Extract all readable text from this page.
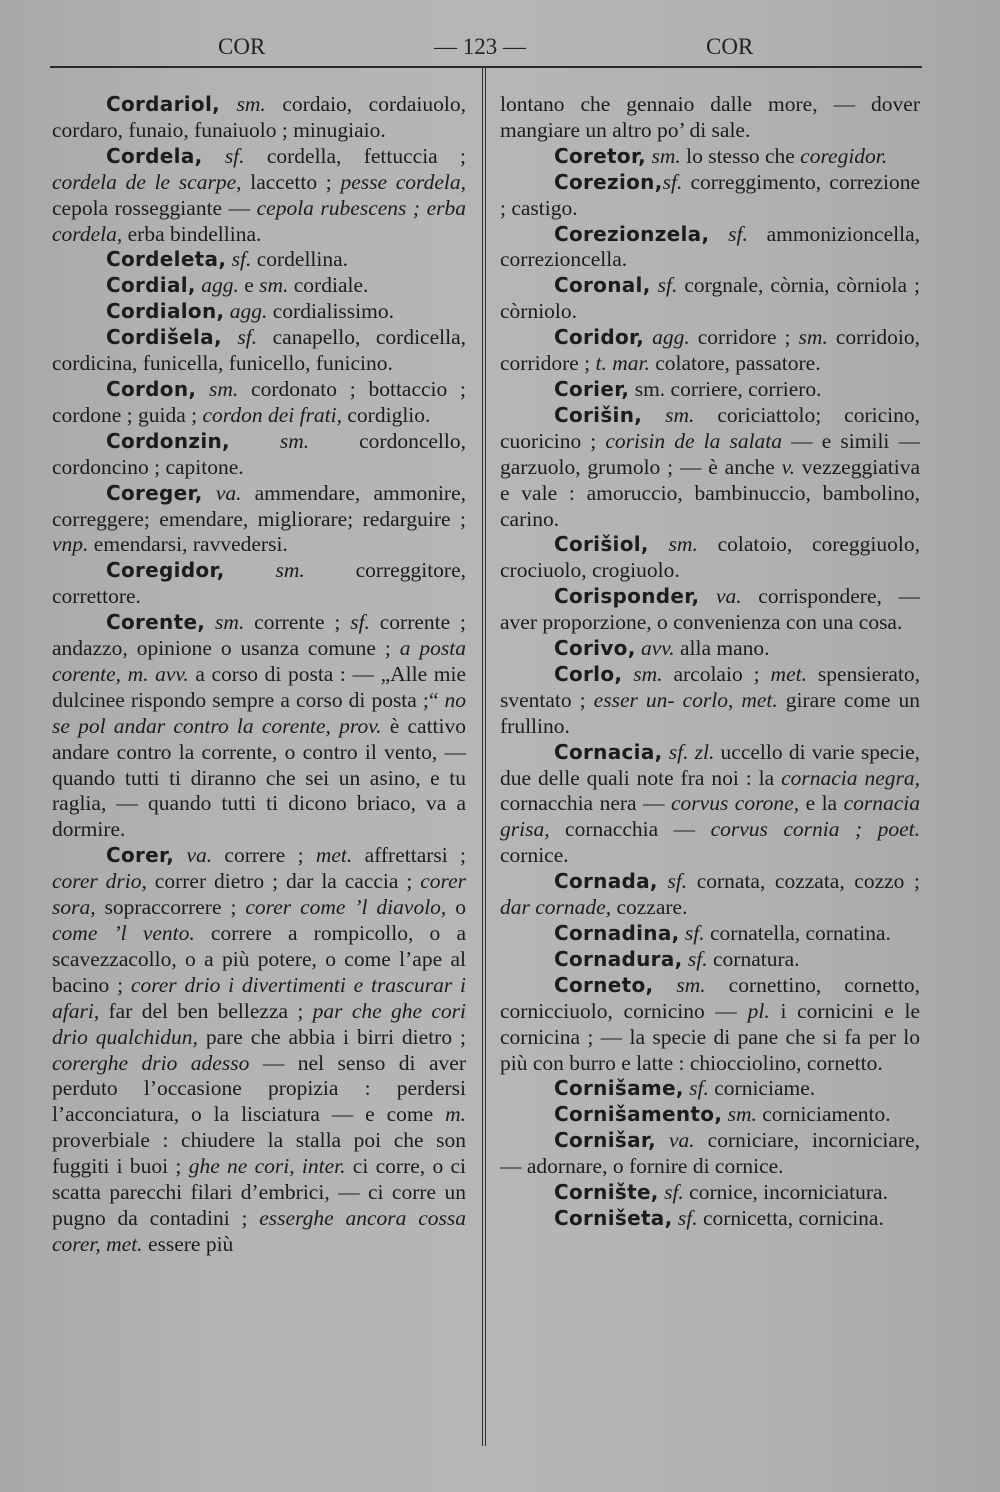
COR	— 123 —	COR

Cordariol, sm. cordaio, cordaiuolo, cordaro, funaio, funaiuolo ; minugiaio.

Cordela, sf. cordella, fettuccia ; cordela de le scarpe, laccetto ; pesse cordela, cepola rosseggiante — cepola rubescens ; erba cordela, erba bindellina.

Cordeleta, sf. cordellina.

Cordial, agg. e sm. cordiale.

Cordialon, agg. cordialissimo.

Cordišela, sf. canapello, cordicella, cordicina, funicella, funicello, funicino.

Cordon, sm. cordonato ; bottaccio ; cordone ; guida ; cordon dei frati, cordiglio.

Cordonzin, sm. cordoncello, cordoncino ; capitone.

Coreger, va. ammendare, ammonire, correggere; emendare, migliorare; redarguire ; vnp. emendarsi, ravvedersi.

Coregidor, sm. correggitore, correttore.

Corente, sm. corrente ; sf. corrente ; andazzo, opinione o usanza comune ; a posta corente, m. avv. a corso di posta : — „Alle mie dulcinee rispondo sempre a corso di posta ;“ no se pol andar contro la corente, prov. è cattivo andare contro la corrente, o contro il vento, — quando tutti ti diranno che sei un asino, e tu raglia, — quando tutti ti dicono briaco, va a dormire.

Corer, va. correre ; met. affrettarsi ; corer drio, correr dietro ; dar la caccia ; corer sora, sopraccorrere ; corer come ’l diavolo, o come ’l vento. correre a rompicollo, o a scavezzacollo, o a più potere, o come l’ape al bacino ; corer drio i divertimenti e trascurar i afari, far del ben bellezza ; par che ghe cori drio qualchidun, pare che abbia i birri dietro ; corerghe drio adesso — nel senso di aver perduto l’occasione propizia : perdersi l’acconciatura, o la lisciatura — e come m. proverbiale : chiudere la stalla poi che son fuggiti i buoi ; ghe ne cori, inter. ci corre, o ci scatta parecchi filari d’embrici, — ci corre un pugno da contadini ; esserghe ancora cossa corer, met. essere più

lontano che gennaio dalle more, — dover mangiare un altro po’ di sale.

Coretor, sm. lo stesso che coregidor.

Corezion,sf. correggimento, correzione ; castigo.

Corezionzela, sf. ammonizioncella, correzioncella.

Coronal, sf. corgnale, còrnia, còrniola ; còrniolo.

Coridor, agg. corridore ; sm. corridoio, corridore ; t. mar. colatore, passatore.

Corier, sm. corriere, corriero.

Corišin, sm. coriciattolo; coricino, cuoricino ; corisin de la salata — e simili — garzuolo, grumolo ; — è anche v. vezzeggiativa e vale : amoruccio, bambinuccio, bambolino, carino.

Corišiol, sm. colatoio, coreggiuolo, crociuolo, crogiuolo.

Corisponder, va. corrispondere, — aver proporzione, o convenienza con una cosa.

Corivo, avv. alla mano.

Corlo, sm. arcolaio ; met. spensierato, sventato ; esser un- corlo, met. girare come un frullino.

Cornacia, sf. zl. uccello di varie specie, due delle quali note fra noi : la cornacia negra, cornacchia nera — corvus corone, e la cornacia grisa, cornacchia — corvus cornia ; poet. cornice.

Cornada, sf. cornata, cozzata, cozzo ; dar cornade, cozzare.

Cornadina, sf. cornatella, cornatina.

Cornadura, sf. cornatura.

Corneto, sm. cornettino, cornetto, cornicciuolo, cornicino — pl. i cornicini e le cornicina ; — la specie di pane che si fa per lo più con burro e latte : chiocciolino, cornetto.

Cornišame, sf. corniciame.

Cornišamento, sm. corniciamento.

Cornišar, va. corniciare, incorniciare, — adornare, o fornire di cornice.

Cornište, sf. cornice, incorniciatura.

Cornišeta, sf. cornicetta, cornicina.
